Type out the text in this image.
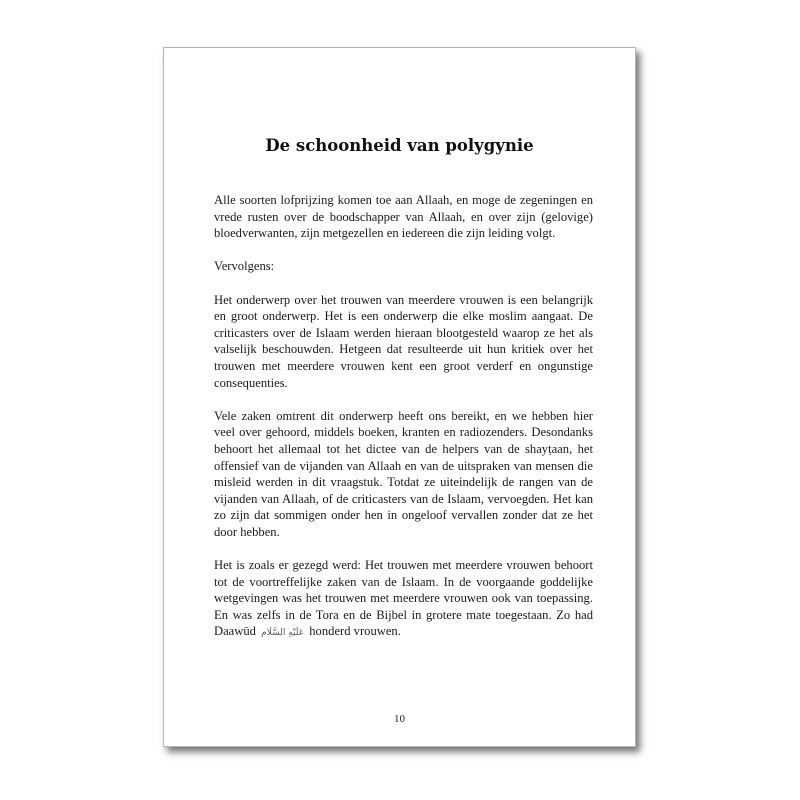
De schoonheid van polygynie

Alle soorten lofprijzing komen toe aan Allaah, en moge de zegeningen en vrede rusten over de boodschapper van Allaah, en over zijn (gelovige) bloedverwanten, zijn metgezellen en iedereen die zijn leiding volgt.

Vervolgens:

Het onderwerp over het trouwen van meerdere vrouwen is een belangrijk en groot onderwerp. Het is een onderwerp die elke moslim aangaat. De criticasters over de Islaam werden hieraan blootgesteld waarop ze het als valselijk beschouwden. Hetgeen dat resulteerde uit hun kritiek over het trouwen met meerdere vrouwen kent een groot verderf en ongunstige consequenties.

Vele zaken omtrent dit onderwerp heeft ons bereikt, en we hebben hier veel over gehoord, middels boeken, kranten en radiozenders. Desondanks behoort het allemaal tot het dictee van de helpers van de shayṭaan, het offensief van de vijanden van Allaah en van de uitspraken van mensen die misleid werden in dit vraagstuk. Totdat ze uiteindelijk de rangen van de vijanden van Allaah, of de criticasters van de Islaam, vervoegden. Het kan zo zijn dat sommigen onder hen in ongeloof vervallen zonder dat ze het door hebben.

Het is zoals er gezegd werd: Het trouwen met meerdere vrouwen behoort tot de voortreffelijke zaken van de Islaam. In de voorgaande goddelijke wetgevingen was het trouwen met meerdere vrouwen ook van toepassing. En was zelfs in de Tora en de Bijbel in grotere mate toegestaan. Zo had Daawūd عَلَيْهِ السَّلَام honderd vrouwen.

10
